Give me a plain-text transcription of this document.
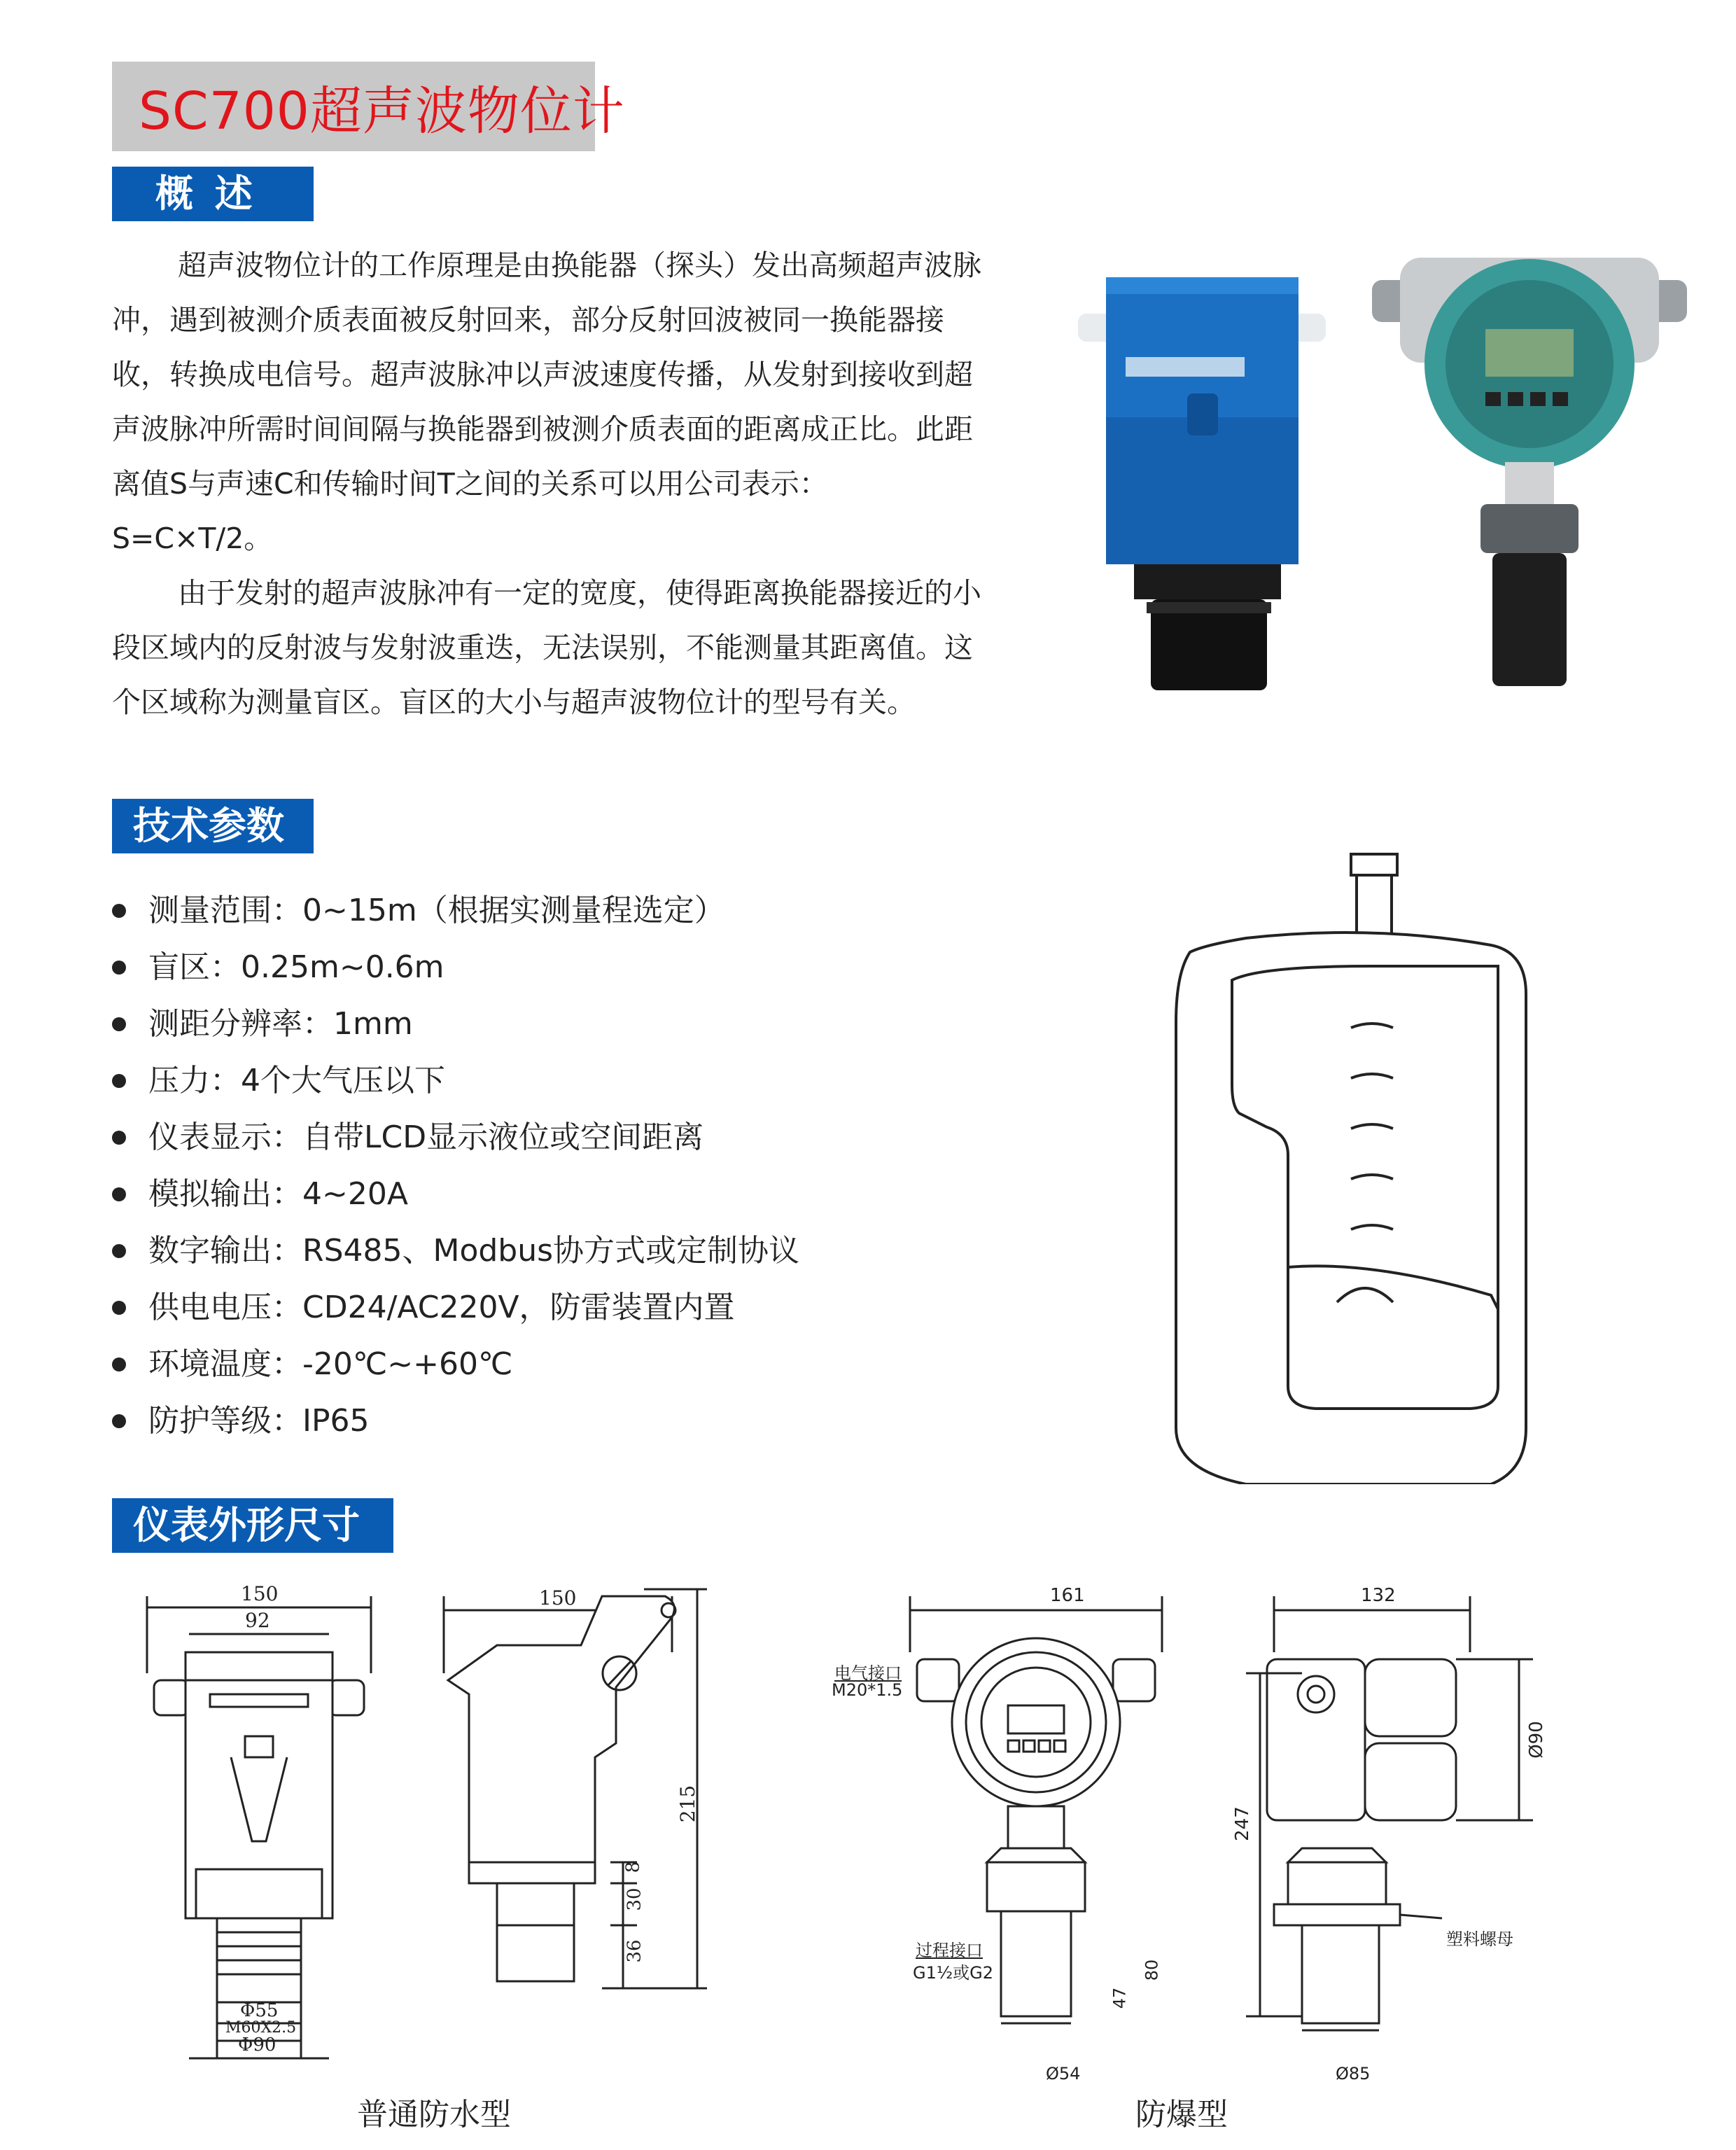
SC700超声波物位计
概 述

超声波物位计的工作原理是由换能器（探头）发出高频超声波脉冲，遇到被测介质表面被反射回来，部分反射回波被同一换能器接收，转换成电信号。超声波脉冲以声波速度传播，从发射到接收到超声波脉冲所需时间间隔与换能器到被测介质表面的距离成正比。此距离值S与声速C和传输时间T之间的关系可以用公司表示：S=C×T/2。

由于发射的超声波脉冲有一定的宽度，使得距离换能器接近的小段区域内的反射波与发射波重迭，无法误别，不能测量其距离值。这个区域称为测量盲区。盲区的大小与超声波物位计的型号有关。

技术参数
测量范围：0~15m（根据实测量程选定）
盲区：0.25m~0.6m
测距分辨率：1mm
压力：4个大气压以下
仪表显示：自带LCD显示液位或空间距离
模拟输出：4~20A
数字输出：RS485、Modbus协方式或定制协议
供电电压：CD24/AC220V，防雷装置内置
环境温度：-20℃~+60℃
防护等级：IP65
仪表外形尺寸
150
92
Φ55
M60X2.5
Φ90
150
215
8
30
36
161
电气接口
M20*1.5
过程接口
G1½或G2
47
80
Ø54
132
Ø90
247
塑料螺母
Ø85
普通防水型	防爆型
